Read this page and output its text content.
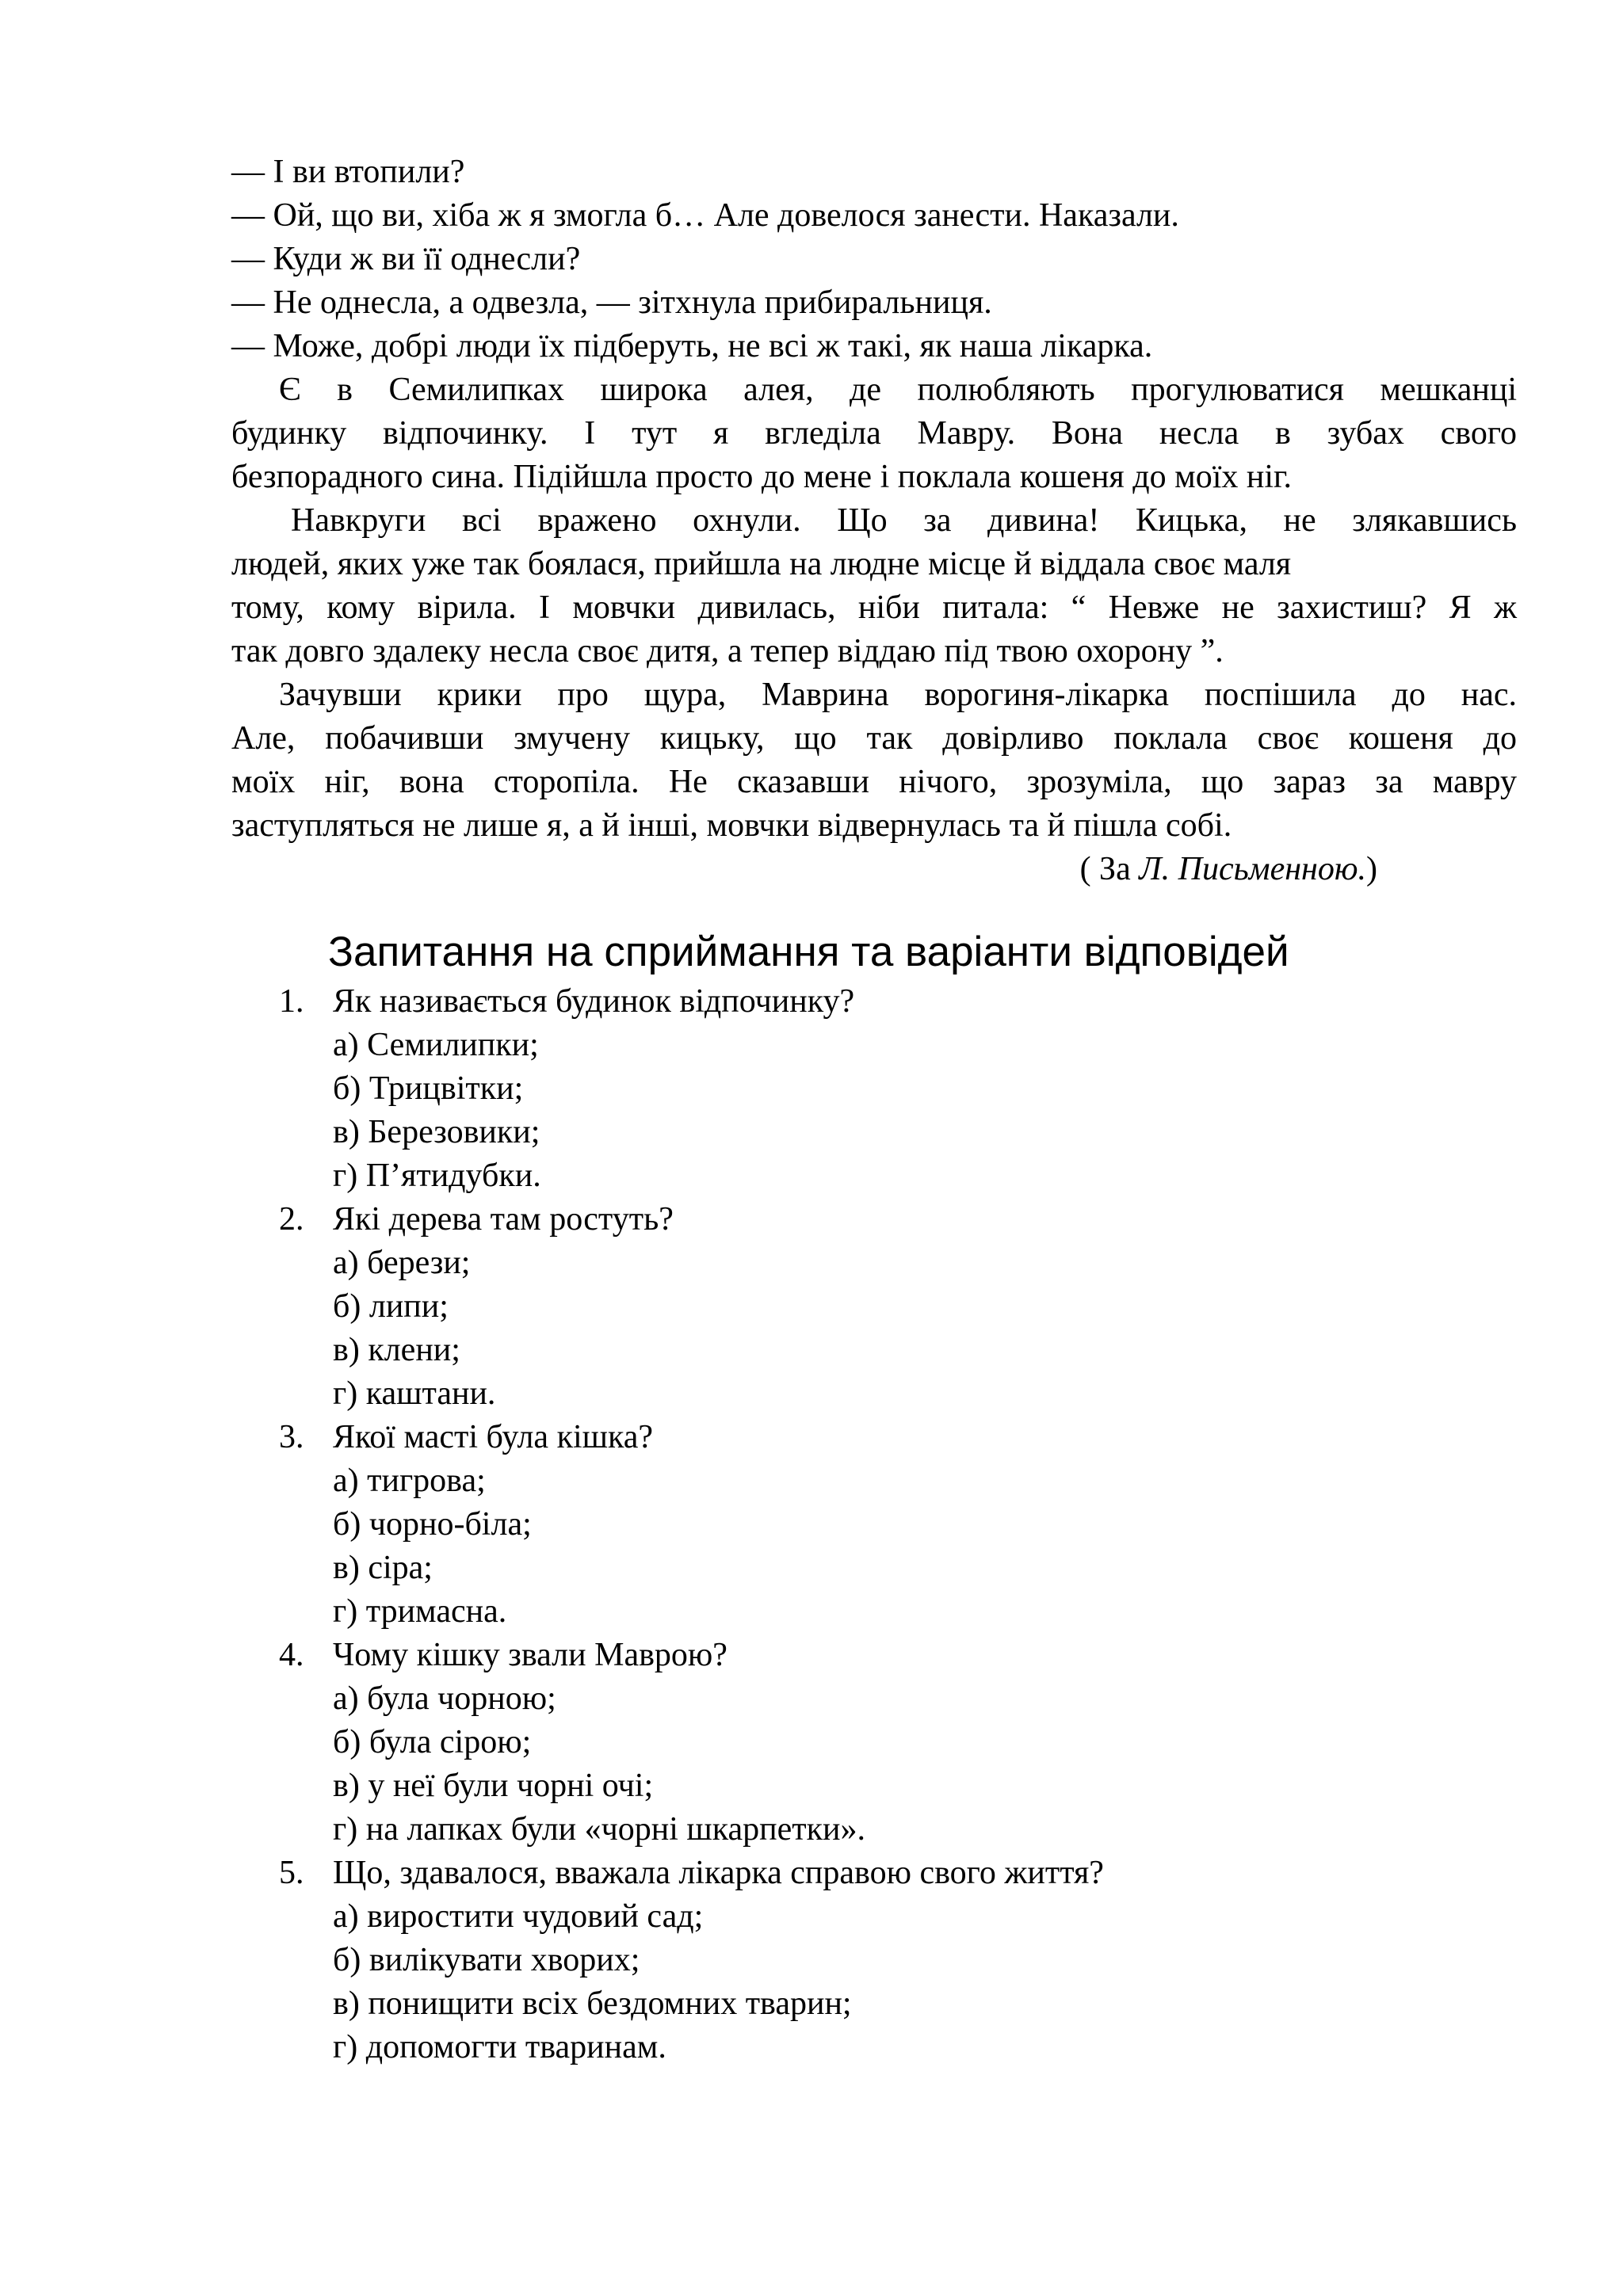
— І ви втопили?
— Ой, що ви, хіба ж я змогла б… Але довелося занести. Наказали.
— Куди ж ви її однесли?
— Не однесла, а одвезла, — зітхнула прибиральниця.
— Може, добрі люди їх підберуть, не всі ж такі, як наша лікарка.
Є в Семилипках широка алея, де полюбляють прогулюватися мешканці
будинку відпочинку. І тут я вгледіла Мавру. Вона несла в зубах свого
безпорадного сина. Підійшла просто до мене і поклала кошеня до моїх ніг.
Навкруги всі вражено охнули. Що за дивина! Кицька, не злякавшись
людей, яких уже так боялася, прийшла на людне місце й віддала своє маля
тому, кому вірила. І мовчки дивилась, ніби питала: “ Невже не захистиш? Я ж
так довго здалеку несла своє дитя, а тепер віддаю під твою охорону ”.
Зачувши крики про щура, Маврина ворогиня-лікарка поспішила до нас.
Але, побачивши змучену кицьку, що так довірливо поклала своє кошеня до
моїх ніг, вона сторопіла. Не сказавши нічого, зрозуміла, що зараз за мавру
заступляться не лише я, а й інші, мовчки відвернулась та й пішла собі.
( За Л. Письменною.)
Запитання на сприймання та варіанти відповідей
1. Як називається будинок відпочинку?
а) Семилипки;
б) Трицвітки;
в) Березовики;
г) П’ятидубки.
2. Які дерева там ростуть?
а) берези;
б) липи;
в) клени;
г) каштани.
3. Якої масті була кішка?
а) тигрова;
б) чорно-біла;
в) сіра;
г) тримасна.
4. Чому кішку звали Маврою?
а) була чорною;
б) була сірою;
в) у неї були чорні очі;
г) на лапках були «чорні шкарпетки».
5. Що, здавалося, вважала лікарка справою свого життя?
а) виростити чудовий сад;
б) вилікувати хворих;
в) понищити всіх бездомних тварин;
г) допомогти тваринам.
